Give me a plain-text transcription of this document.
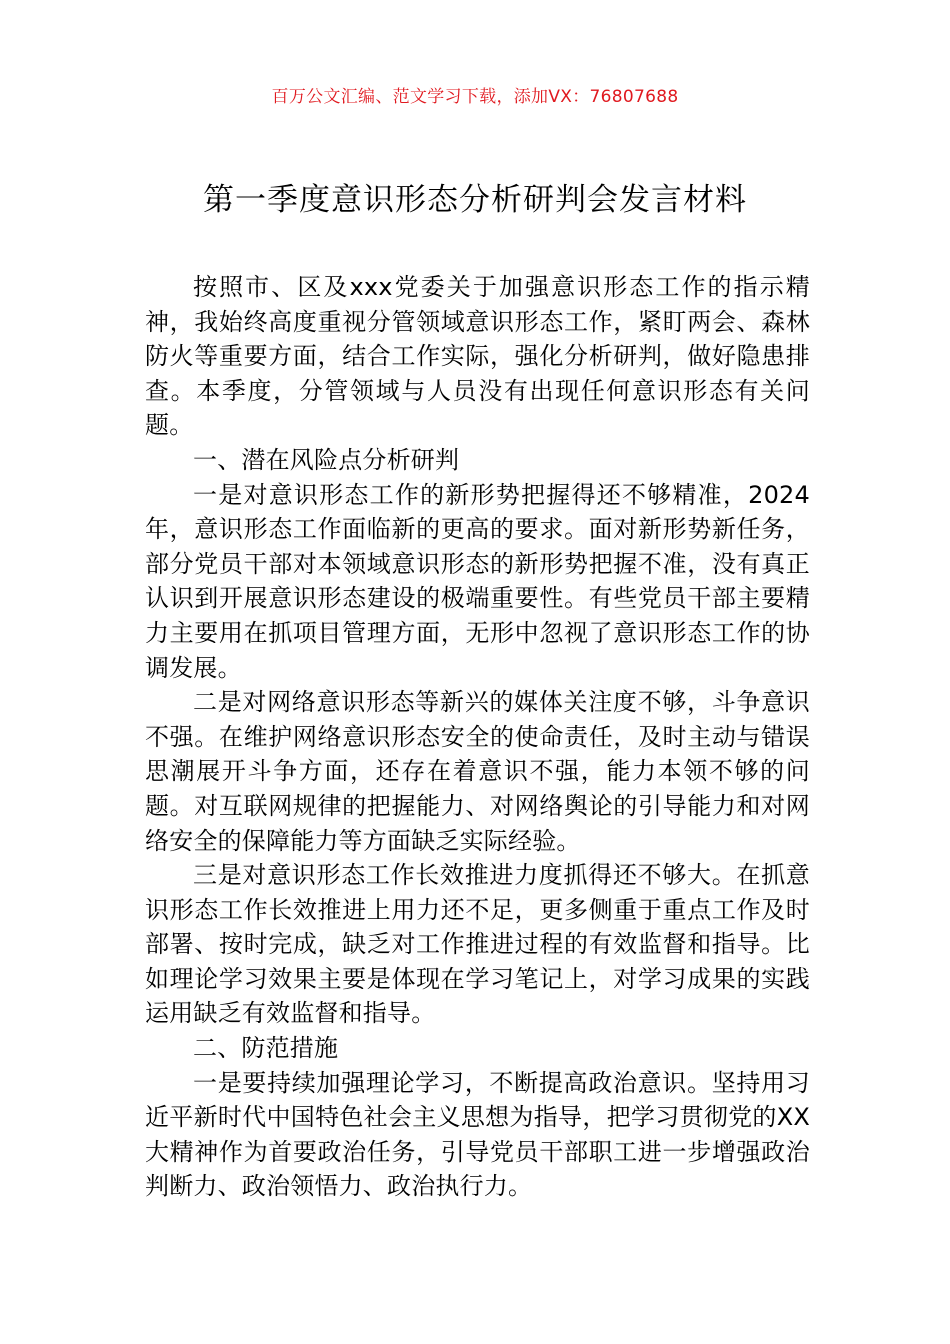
百万公文汇编、范文学习下载，添加VX：76807688
第一季度意识形态分析研判会发言材料

按照市、区及xxx党委关于加强意识形态工作的指示精神，我始终高度重视分管领域意识形态工作，紧盯两会、森林防火等重要方面，结合工作实际，强化分析研判，做好隐患排查。本季度，分管领域与人员没有出现任何意识形态有关问题。

一、潜在风险点分析研判

一是对意识形态工作的新形势把握得还不够精准，2024年，意识形态工作面临新的更高的要求。面对新形势新任务，部分党员干部对本领域意识形态的新形势把握不准，没有真正认识到开展意识形态建设的极端重要性。有些党员干部主要精力主要用在抓项目管理方面，无形中忽视了意识形态工作的协调发展。

二是对网络意识形态等新兴的媒体关注度不够，斗争意识不强。在维护网络意识形态安全的使命责任，及时主动与错误思潮展开斗争方面，还存在着意识不强，能力本领不够的问题。对互联网规律的把握能力、对网络舆论的引导能力和对网络安全的保障能力等方面缺乏实际经验。

三是对意识形态工作长效推进力度抓得还不够大。在抓意识形态工作长效推进上用力还不足，更多侧重于重点工作及时部署、按时完成，缺乏对工作推进过程的有效监督和指导。比如理论学习效果主要是体现在学习笔记上，对学习成果的实践运用缺乏有效监督和指导。

二、防范措施

一是要持续加强理论学习，不断提高政治意识。坚持用习近平新时代中国特色社会主义思想为指导，把学习贯彻党的XX大精神作为首要政治任务，引导党员干部职工进一步增强政治判断力、政治领悟力、政治执行力。
